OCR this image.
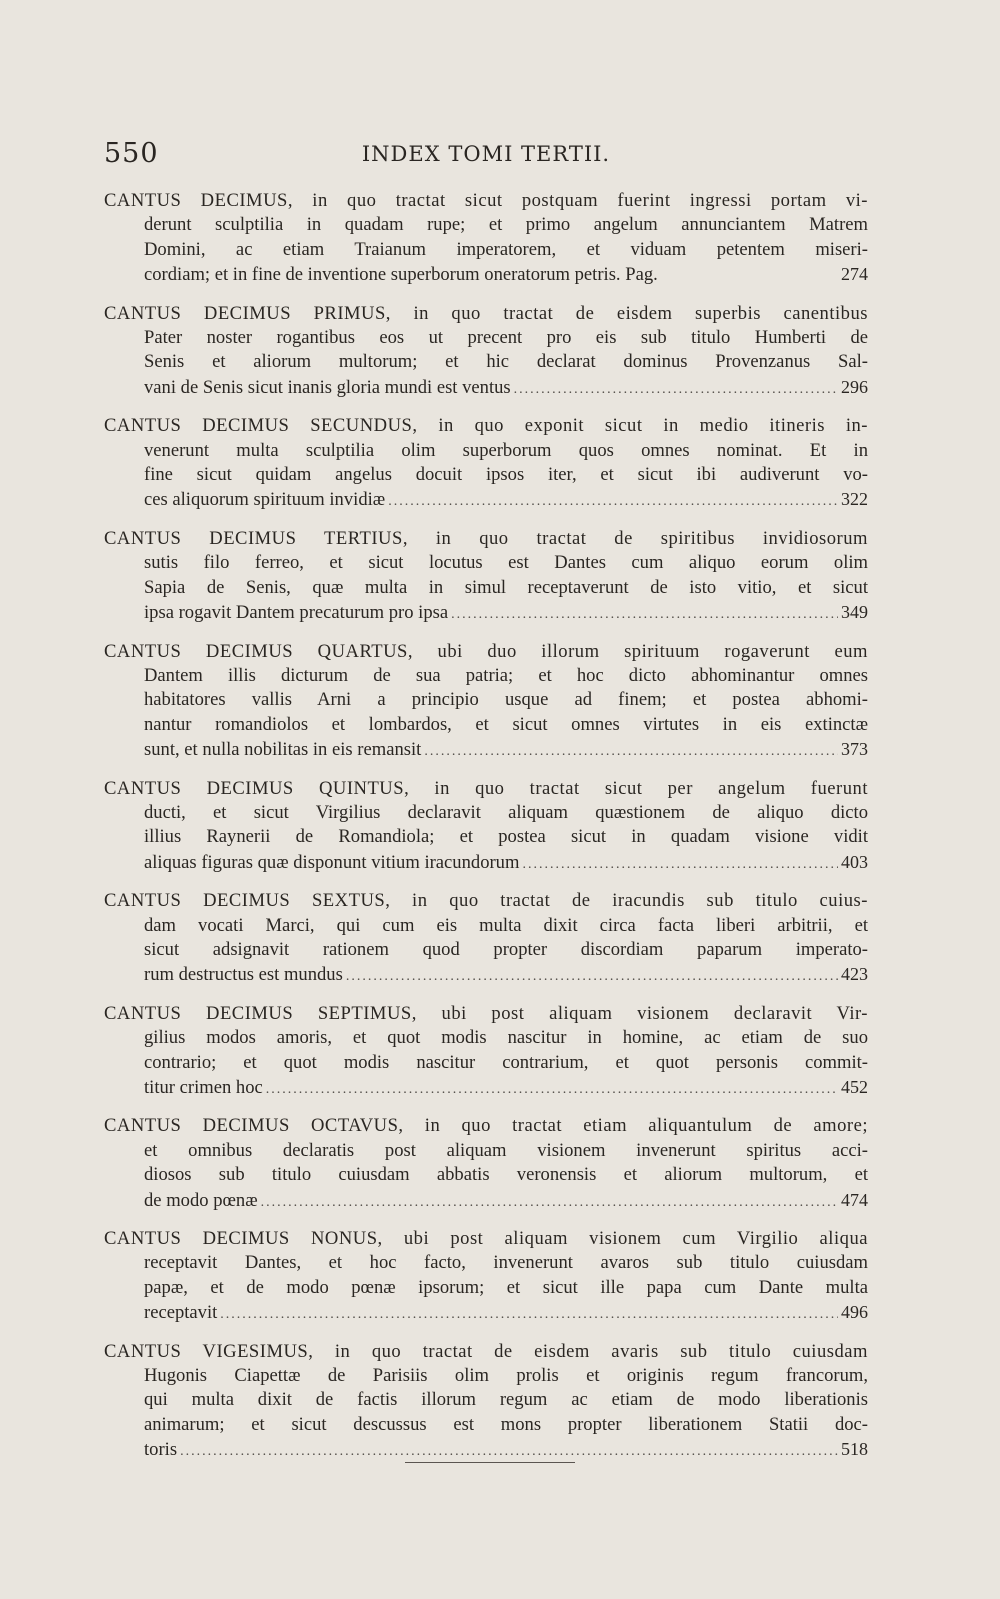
550	INDEX TOMI TERTII.
CANTUS DECIMUS, in quo tractat sicut postquam fuerint ingressi portam vi-
derunt sculptilia in quadam rupe; et primo angelum annunciantem Matrem
Domini, ac etiam Traianum imperatorem, et viduam petentem miseri-
cordiam; et in fine de inventione superborum oneratorum petris. Pag.	274
CANTUS DECIMUS PRIMUS, in quo tractat de eisdem superbis canentibus
Pater noster rogantibus eos ut precent pro eis sub titulo Humberti de
Senis et aliorum multorum; et hic declarat dominus Provenzanus Sal-
vani de Senis sicut inanis gloria mundi est ventus .....	296
CANTUS DECIMUS SECUNDUS, in quo exponit sicut in medio itineris in-
venerunt multa sculptilia olim superborum quos omnes nominat. Et in
fine sicut quidam angelus docuit ipsos iter, et sicut ibi audiverunt vo-
ces aliquorum spirituum invidiæ .....	322
CANTUS DECIMUS TERTIUS, in quo tractat de spiritibus invidiosorum
sutis filo ferreo, et sicut locutus est Dantes cum aliquo eorum olim
Sapia de Senis, quæ multa in simul receptaverunt de isto vitio, et sicut
ipsa rogavit Dantem precaturum pro ipsa .....	349
CANTUS DECIMUS QUARTUS, ubi duo illorum spirituum rogaverunt eum
Dantem illis dicturum de sua patria; et hoc dicto abhominantur omnes
habitatores vallis Arni a principio usque ad finem; et postea abhomi-
nantur romandiolos et lombardos, et sicut omnes virtutes in eis extinctæ
sunt, et nulla nobilitas in eis remansit .....	373
CANTUS DECIMUS QUINTUS, in quo tractat sicut per angelum fuerunt
ducti, et sicut Virgilius declaravit aliquam quæstionem de aliquo dicto
illius Raynerii de Romandiola; et postea sicut in quadam visione vidit
aliquas figuras quæ disponunt vitium iracundorum .....	403
CANTUS DECIMUS SEXTUS, in quo tractat de iracundis sub titulo cuius-
dam vocati Marci, qui cum eis multa dixit circa facta liberi arbitrii, et
sicut adsignavit rationem quod propter discordiam paparum imperato-
rum destructus est mundus .....	423
CANTUS DECIMUS SEPTIMUS, ubi post aliquam visionem declaravit Vir-
gilius modos amoris, et quot modis nascitur in homine, ac etiam de suo
contrario; et quot modis nascitur contrarium, et quot personis commit-
titur crimen hoc .....	452
CANTUS DECIMUS OCTAVUS, in quo tractat etiam aliquantulum de amore;
et omnibus declaratis post aliquam visionem invenerunt spiritus acci-
diosos sub titulo cuiusdam abbatis veronensis et aliorum multorum, et
de modo pœnæ .....	474
CANTUS DECIMUS NONUS, ubi post aliquam visionem cum Virgilio aliqua
receptavit Dantes, et hoc facto, invenerunt avaros sub titulo cuiusdam
papæ, et de modo pœnæ ipsorum; et sicut ille papa cum Dante multa
receptavit .....	496
CANTUS VIGESIMUS, in quo tractat de eisdem avaris sub titulo cuiusdam
Hugonis Ciapettæ de Parisiis olim prolis et originis regum francorum,
qui multa dixit de factis illorum regum ac etiam de modo liberationis
animarum; et sicut descussus est mons propter liberationem Statii doc-
toris .....	518
